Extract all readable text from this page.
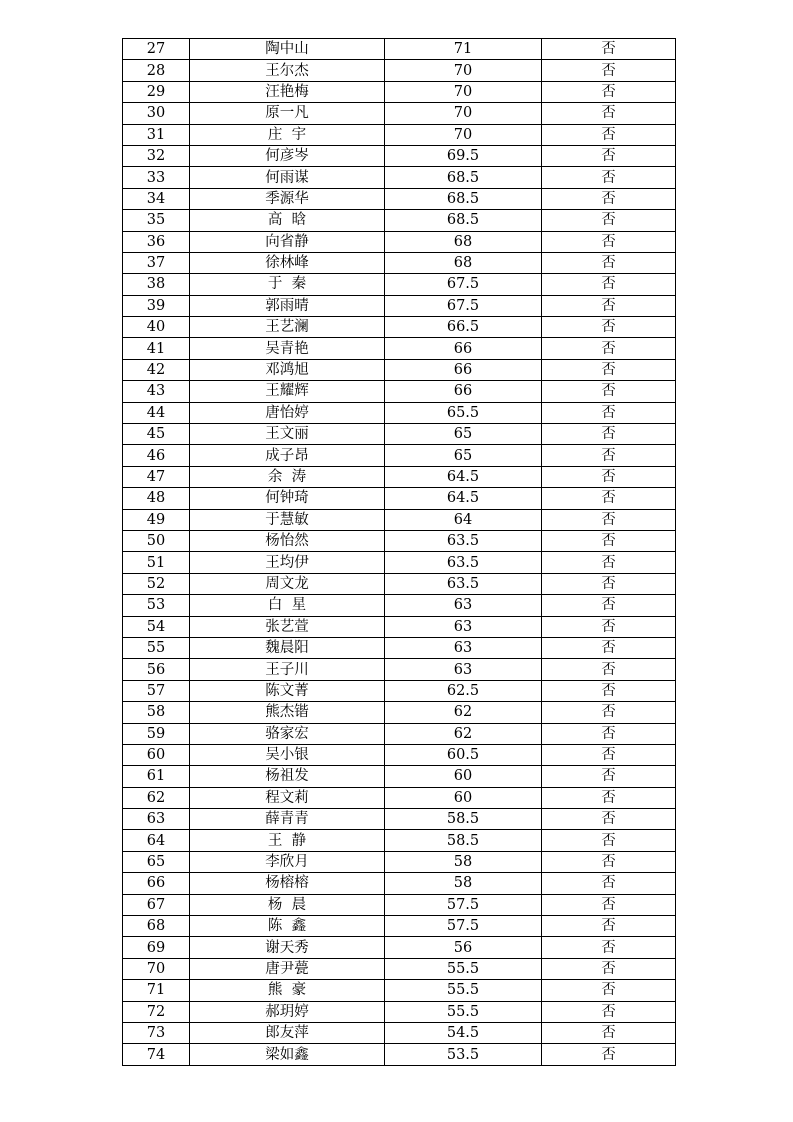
27	陶中山	71	否
28	王尔杰	70	否
29	汪艳梅	70	否
30	原一凡	70	否
31	庄  宇	70	否
32	何彦岑	69.5	否
33	何雨谋	68.5	否
34	季源华	68.5	否
35	高  晗	68.5	否
36	向省静	68	否
37	徐林峰	68	否
38	于  秦	67.5	否
39	郭雨晴	67.5	否
40	王艺澜	66.5	否
41	吴青艳	66	否
42	邓鸿旭	66	否
43	王耀辉	66	否
44	唐怡婷	65.5	否
45	王文丽	65	否
46	成子昂	65	否
47	余  涛	64.5	否
48	何钟琦	64.5	否
49	于慧敏	64	否
50	杨怡然	63.5	否
51	王均伊	63.5	否
52	周文龙	63.5	否
53	白  星	63	否
54	张艺萱	63	否
55	魏晨阳	63	否
56	王子川	63	否
57	陈文菁	62.5	否
58	熊杰锴	62	否
59	骆家宏	62	否
60	吴小银	60.5	否
61	杨祖发	60	否
62	程文莉	60	否
63	薛青青	58.5	否
64	王  静	58.5	否
65	李欣月	58	否
66	杨榕榕	58	否
67	杨  晨	57.5	否
68	陈  鑫	57.5	否
69	谢天秀	56	否
70	唐尹甍	55.5	否
71	熊  豪	55.5	否
72	郝玥婷	55.5	否
73	郎友萍	54.5	否
74	梁如鑫	53.5	否
